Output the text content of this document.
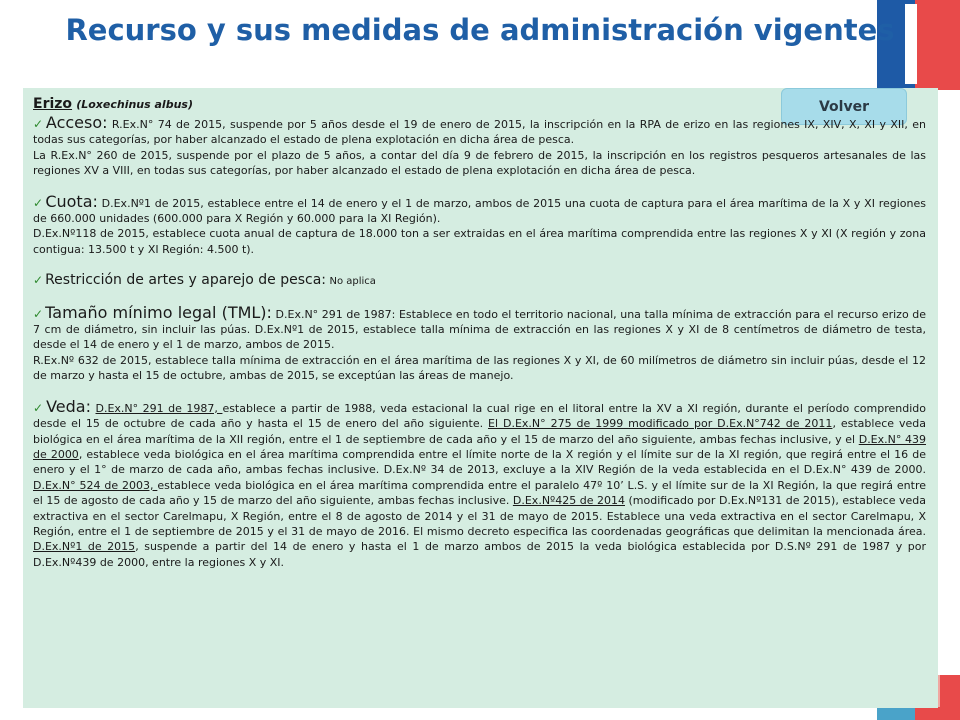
Recurso y sus medidas de administración vigentes
Volver
Erizo (Loxechinus albus)

✓ Acceso: R.Ex.N° 74 de 2015, suspende por 5 años desde el 19 de enero de 2015, la inscripción en la RPA de erizo en las regiones IX, XIV, X, XI y XII, en todas sus categorías, por haber alcanzado el estado de plena explotación en dicha área de pesca.

La R.Ex.N° 260 de 2015, suspende por el plazo de 5 años, a contar del día 9 de febrero de 2015, la inscripción en los registros pesqueros artesanales de las regiones XV a VIII, en todas sus categorías, por haber alcanzado el estado de plena explotación en dicha área de pesca.

✓ Cuota: D.Ex.Nº1 de 2015, establece entre el 14 de enero y el 1 de marzo, ambos de 2015 una cuota de captura para el área marítima de la X y XI regiones de 660.000 unidades (600.000 para X Región y 60.000 para la XI Región).

D.Ex.Nº118 de 2015, establece cuota anual de captura de 18.000 ton a ser extraidas en el área marítima comprendida entre las regiones X y XI (X región y zona contigua: 13.500 t y XI Región: 4.500 t).

✓ Restricción de artes y aparejo de pesca: No aplica

✓ Tamaño mínimo legal (TML): D.Ex.N° 291 de 1987: Establece en todo el territorio nacional, una talla mínima de extracción para el recurso erizo de 7 cm de diámetro, sin incluir las púas. D.Ex.Nº1 de 2015, establece talla mínima de extracción en las regiones X y XI de 8 centímetros de diámetro de testa, desde el 14 de enero y el 1 de marzo, ambos de 2015.

R.Ex.Nº 632 de 2015, establece talla mínima de extracción en el área marítima de las regiones X y XI, de 60 milímetros de diámetro sin incluir púas, desde el 12 de marzo y hasta el 15 de octubre, ambas de 2015, se exceptúan las áreas de manejo.

✓ Veda: D.Ex.N° 291 de 1987, establece a partir de 1988, veda estacional la cual rige en el litoral entre la XV a XI región, durante el período comprendido desde el 15 de octubre de cada año y hasta el 15 de enero del año siguiente. El D.Ex.N° 275 de 1999 modificado por D.Ex.N°742 de 2011, establece veda biológica en el área marítima de la XII región, entre el 1 de septiembre de cada año y el 15 de marzo del año siguiente, ambas fechas inclusive, y el D.Ex.N° 439 de 2000, establece veda biológica en el área marítima comprendida entre el límite norte de la X región y el límite sur de la XI región, que regirá entre el 16 de enero y el 1° de marzo de cada año, ambas fechas inclusive. D.Ex.Nº 34 de 2013, excluye a la XIV Región de la veda establecida en el D.Ex.N° 439 de 2000. D.Ex.N° 524 de 2003, establece veda biológica en el área marítima comprendida entre el paralelo 47º 10’ L.S. y el límite sur de la XI Región, la que regirá entre el 15 de agosto de cada año y 15 de marzo del año siguiente, ambas fechas inclusive. D.Ex.Nº425 de 2014 (modificado por D.Ex.Nº131 de 2015), establece veda extractiva en el sector Carelmapu, X Región, entre el 8 de agosto de 2014 y el 31 de mayo de 2015. Establece una veda extractiva en el sector Carelmapu, X Región, entre el 1 de septiembre de 2015 y el 31 de mayo de 2016. El mismo decreto especifica las coordenadas geográficas que delimitan la mencionada área. D.Ex.Nº1 de 2015, suspende a partir del 14 de enero y hasta el 1 de marzo ambos de 2015 la veda biológica establecida por D.S.Nº 291 de 1987 y por D.Ex.Nº439 de 2000, entre la regiones X y XI.
